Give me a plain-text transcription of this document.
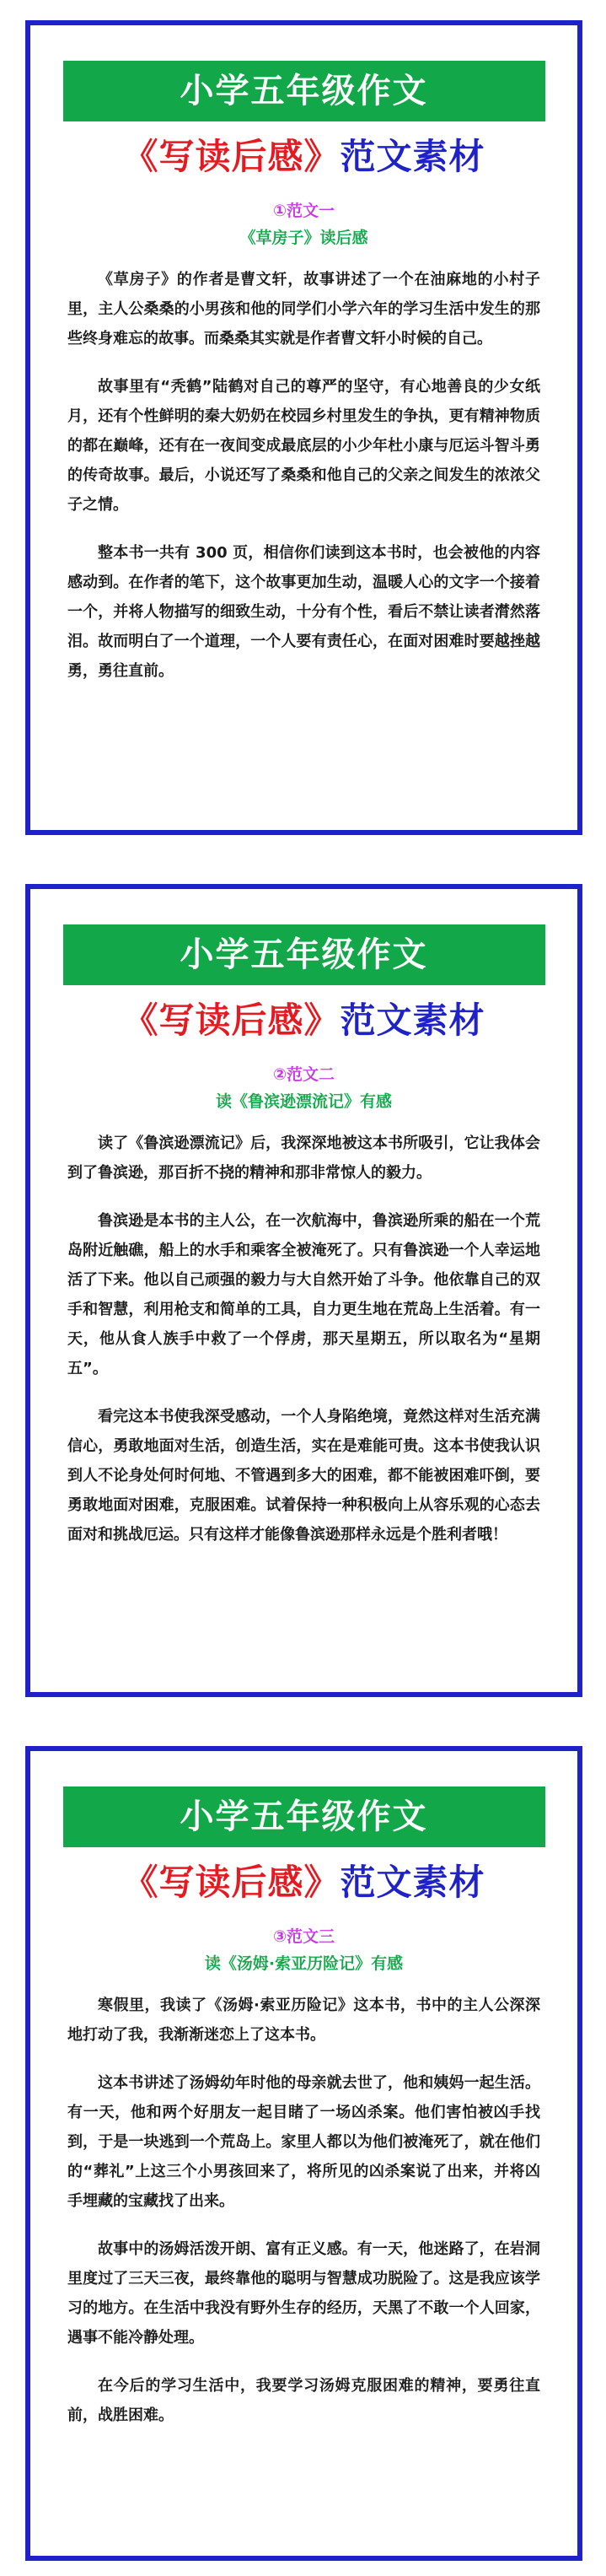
小学五年级作文
《写读后感》范文素材
①范文一
《草房子》读后感

《草房子》的作者是曹文轩，故事讲述了一个在油麻地的小村子里，主人公桑桑的小男孩和他的同学们小学六年的学习生活中发生的那些终身难忘的故事。而桑桑其实就是作者曹文轩小时候的自己。

故事里有“秃鹤”陆鹤对自己的尊严的坚守，有心地善良的少女纸月，还有个性鲜明的秦大奶奶在校园乡村里发生的争执，更有精神物质的都在巅峰，还有在一夜间变成最底层的小少年杜小康与厄运斗智斗勇的传奇故事。最后，小说还写了桑桑和他自己的父亲之间发生的浓浓父子之情。

整本书一共有 300 页，相信你们读到这本书时，也会被他的内容感动到。在作者的笔下，这个故事更加生动，温暖人心的文字一个接着一个，并将人物描写的细致生动，十分有个性，看后不禁让读者潸然落泪。故而明白了一个道理，一个人要有责任心，在面对困难时要越挫越勇，勇往直前。

小学五年级作文
《写读后感》范文素材
②范文二
读《鲁滨逊漂流记》有感

读了《鲁滨逊漂流记》后，我深深地被这本书所吸引，它让我体会到了鲁滨逊，那百折不挠的精神和那非常惊人的毅力。

鲁滨逊是本书的主人公，在一次航海中，鲁滨逊所乘的船在一个荒岛附近触礁，船上的水手和乘客全被淹死了。只有鲁滨逊一个人幸运地活了下来。他以自己顽强的毅力与大自然开始了斗争。他依靠自己的双手和智慧，利用枪支和简单的工具，自力更生地在荒岛上生活着。有一天，他从食人族手中救了一个俘虏，那天星期五，所以取名为“星期五”。

看完这本书使我深受感动，一个人身陷绝境，竟然这样对生活充满信心，勇敢地面对生活，创造生活，实在是难能可贵。这本书使我认识到人不论身处何时何地、不管遇到多大的困难，都不能被困难吓倒，要勇敢地面对困难，克服困难。试着保持一种积极向上从容乐观的心态去面对和挑战厄运。只有这样才能像鲁滨逊那样永远是个胜利者哦！

小学五年级作文
《写读后感》范文素材
③范文三
读《汤姆·索亚历险记》有感

寒假里，我读了《汤姆·索亚历险记》这本书，书中的主人公深深地打动了我，我渐渐迷恋上了这本书。

这本书讲述了汤姆幼年时他的母亲就去世了，他和姨妈一起生活。有一天，他和两个好朋友一起目睹了一场凶杀案。他们害怕被凶手找到，于是一块逃到一个荒岛上。家里人都以为他们被淹死了，就在他们的“葬礼”上这三个小男孩回来了，将所见的凶杀案说了出来，并将凶手埋藏的宝藏找了出来。

故事中的汤姆活泼开朗、富有正义感。有一天，他迷路了，在岩洞里度过了三天三夜，最终靠他的聪明与智慧成功脱险了。这是我应该学习的地方。在生活中我没有野外生存的经历，天黑了不敢一个人回家，遇事不能冷静处理。

在今后的学习生活中，我要学习汤姆克服困难的精神，要勇往直前，战胜困难。
